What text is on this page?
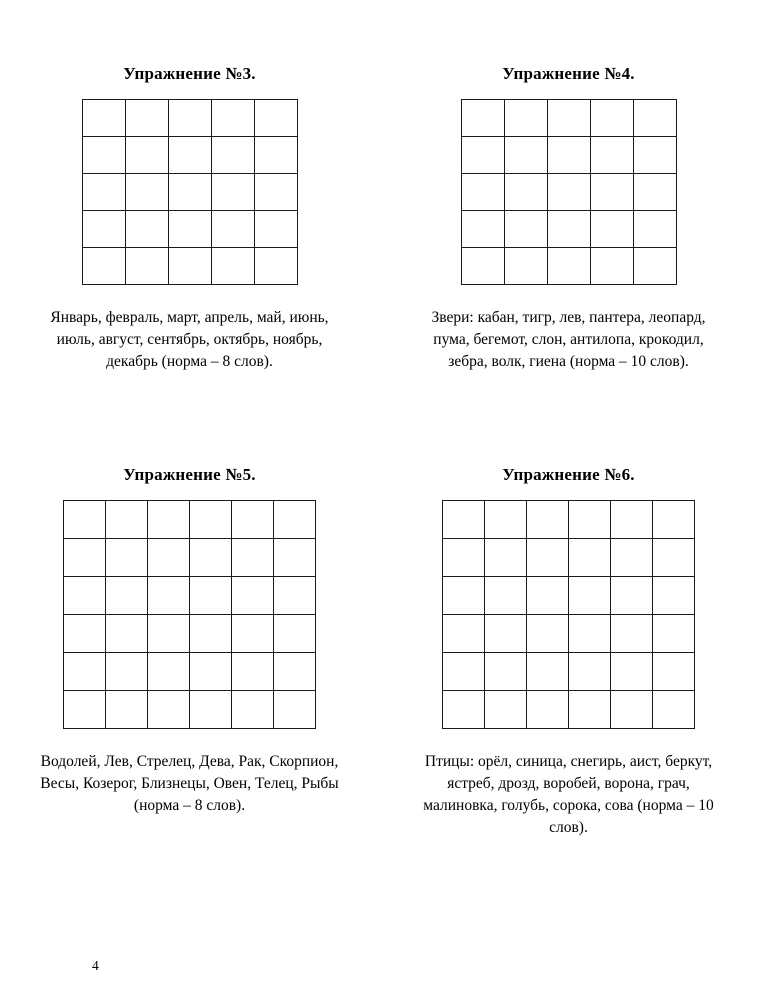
Упражнение №3.
Январь, февраль, март, апрель, май, июнь, июль, август, сентябрь, октябрь, ноябрь, декабрь (норма – 8 слов).
Упражнение №4.
Звери: кабан, тигр, лев, пантера, леопард, пума, бегемот, слон, антилопа, крокодил, зебра, волк, гиена (норма – 10 слов).
Упражнение №5.
Водолей, Лев, Стрелец, Дева, Рак, Скорпион, Весы, Козерог, Близнецы, Овен, Телец, Рыбы (норма – 8 слов).
Упражнение №6.
Птицы: орёл, синица, снегирь, аист, беркут, ястреб, дрозд, воробей, ворона, грач, малиновка, голубь, сорока, сова (норма – 10 слов).
4
